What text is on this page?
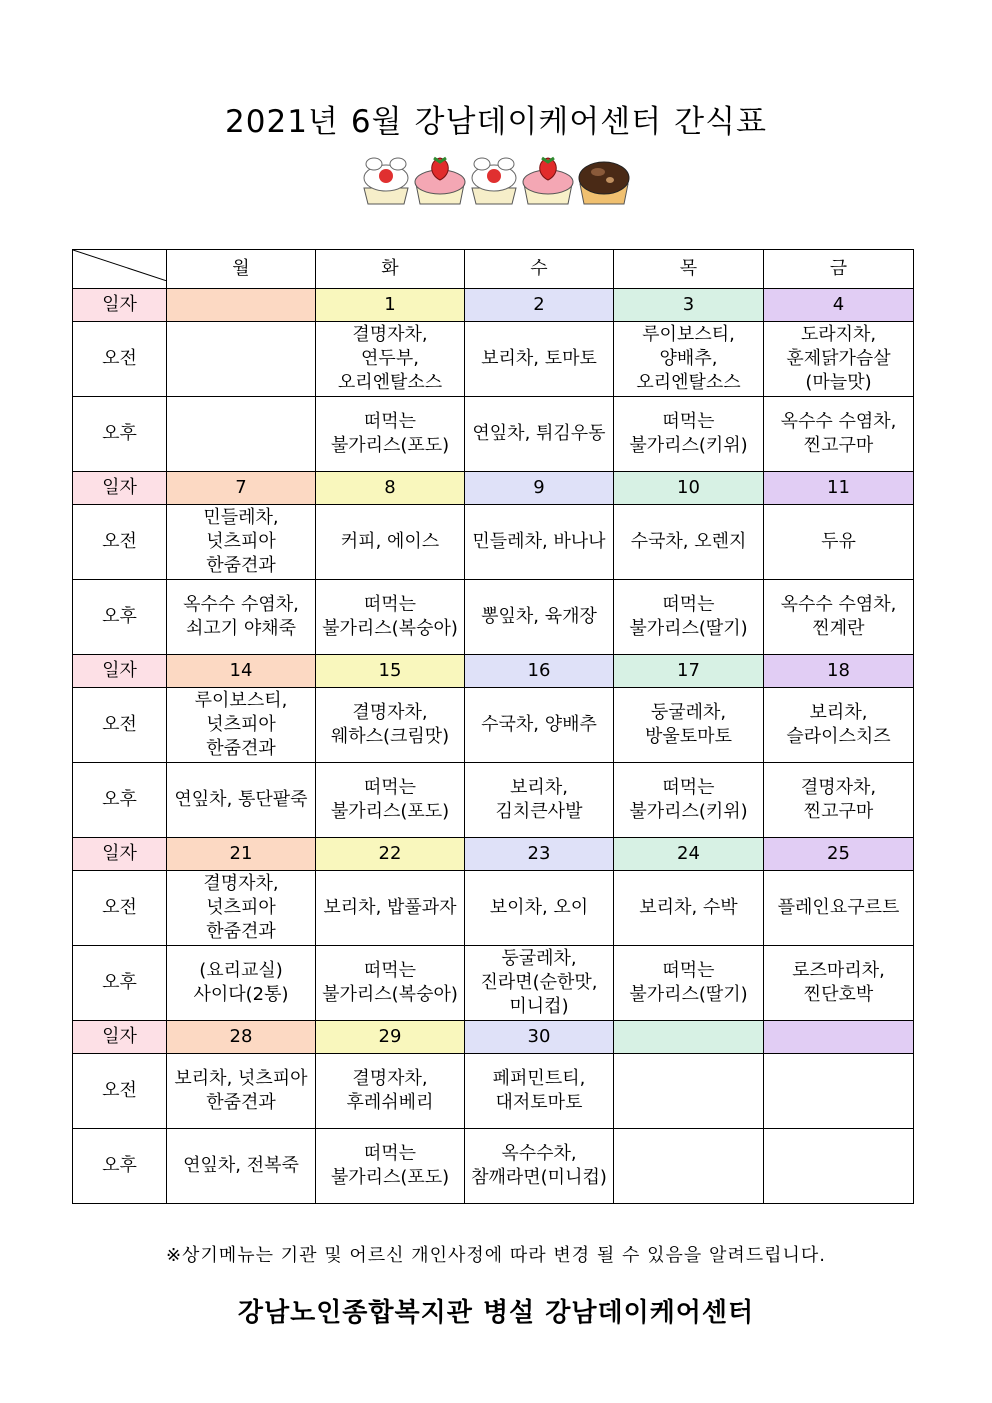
2021년 6월 강남데이케어센터 간식표
	월	화	수	목	금
일자		1	2	3	4
오전		결명자차,
연두부,
오리엔탈소스	보리차, 토마토	루이보스티,
양배추,
오리엔탈소스	도라지차,
훈제닭가슴살
(마늘맛)

오후		떠먹는
불가리스(포도)	연잎차, 튀김우동	떠먹는
불가리스(키위)	옥수수 수염차,
찐고구마

일자	7	8	9	10	11
오전	민들레차,
넛츠피아
한줌견과	커피, 에이스	민들레차, 바나나	수국차, 오렌지	두유

오후	옥수수 수염차,
쇠고기 야채죽	떠먹는
불가리스(복숭아)	뽕잎차, 육개장	떠먹는
불가리스(딸기)	옥수수 수염차,
찐계란

일자	14	15	16	17	18
오전	루이보스티,
넛츠피아
한줌견과	결명자차,
웨하스(크림맛)	수국차, 양배추	둥굴레차,
방울토마토	보리차,
슬라이스치즈

오후	연잎차, 통단팥죽	떠먹는
불가리스(포도)	보리차,
김치큰사발	떠먹는
불가리스(키위)	결명자차,
찐고구마

일자	21	22	23	24	25
오전	결명자차,
넛츠피아
한줌견과	보리차, 밥풀과자	보이차, 오이	보리차, 수박	플레인요구르트

오후	(요리교실)
사이다(2통)	떠먹는
불가리스(복숭아)	둥굴레차,
진라면(순한맛,
미니컵)	떠먹는
불가리스(딸기)	로즈마리차,
찐단호박

일자	28	29	30		
오전	보리차, 넛츠피아
한줌견과	결명자차,
후레쉬베리	페퍼민트티,
대저토마토		

오후	연잎차, 전복죽	떠먹는
불가리스(포도)	옥수수차,
참깨라면(미니컵)		

※상기메뉴는 기관 및 어르신 개인사정에 따라 변경 될 수 있음을 알려드립니다.
강남노인종합복지관 병설 강남데이케어센터
